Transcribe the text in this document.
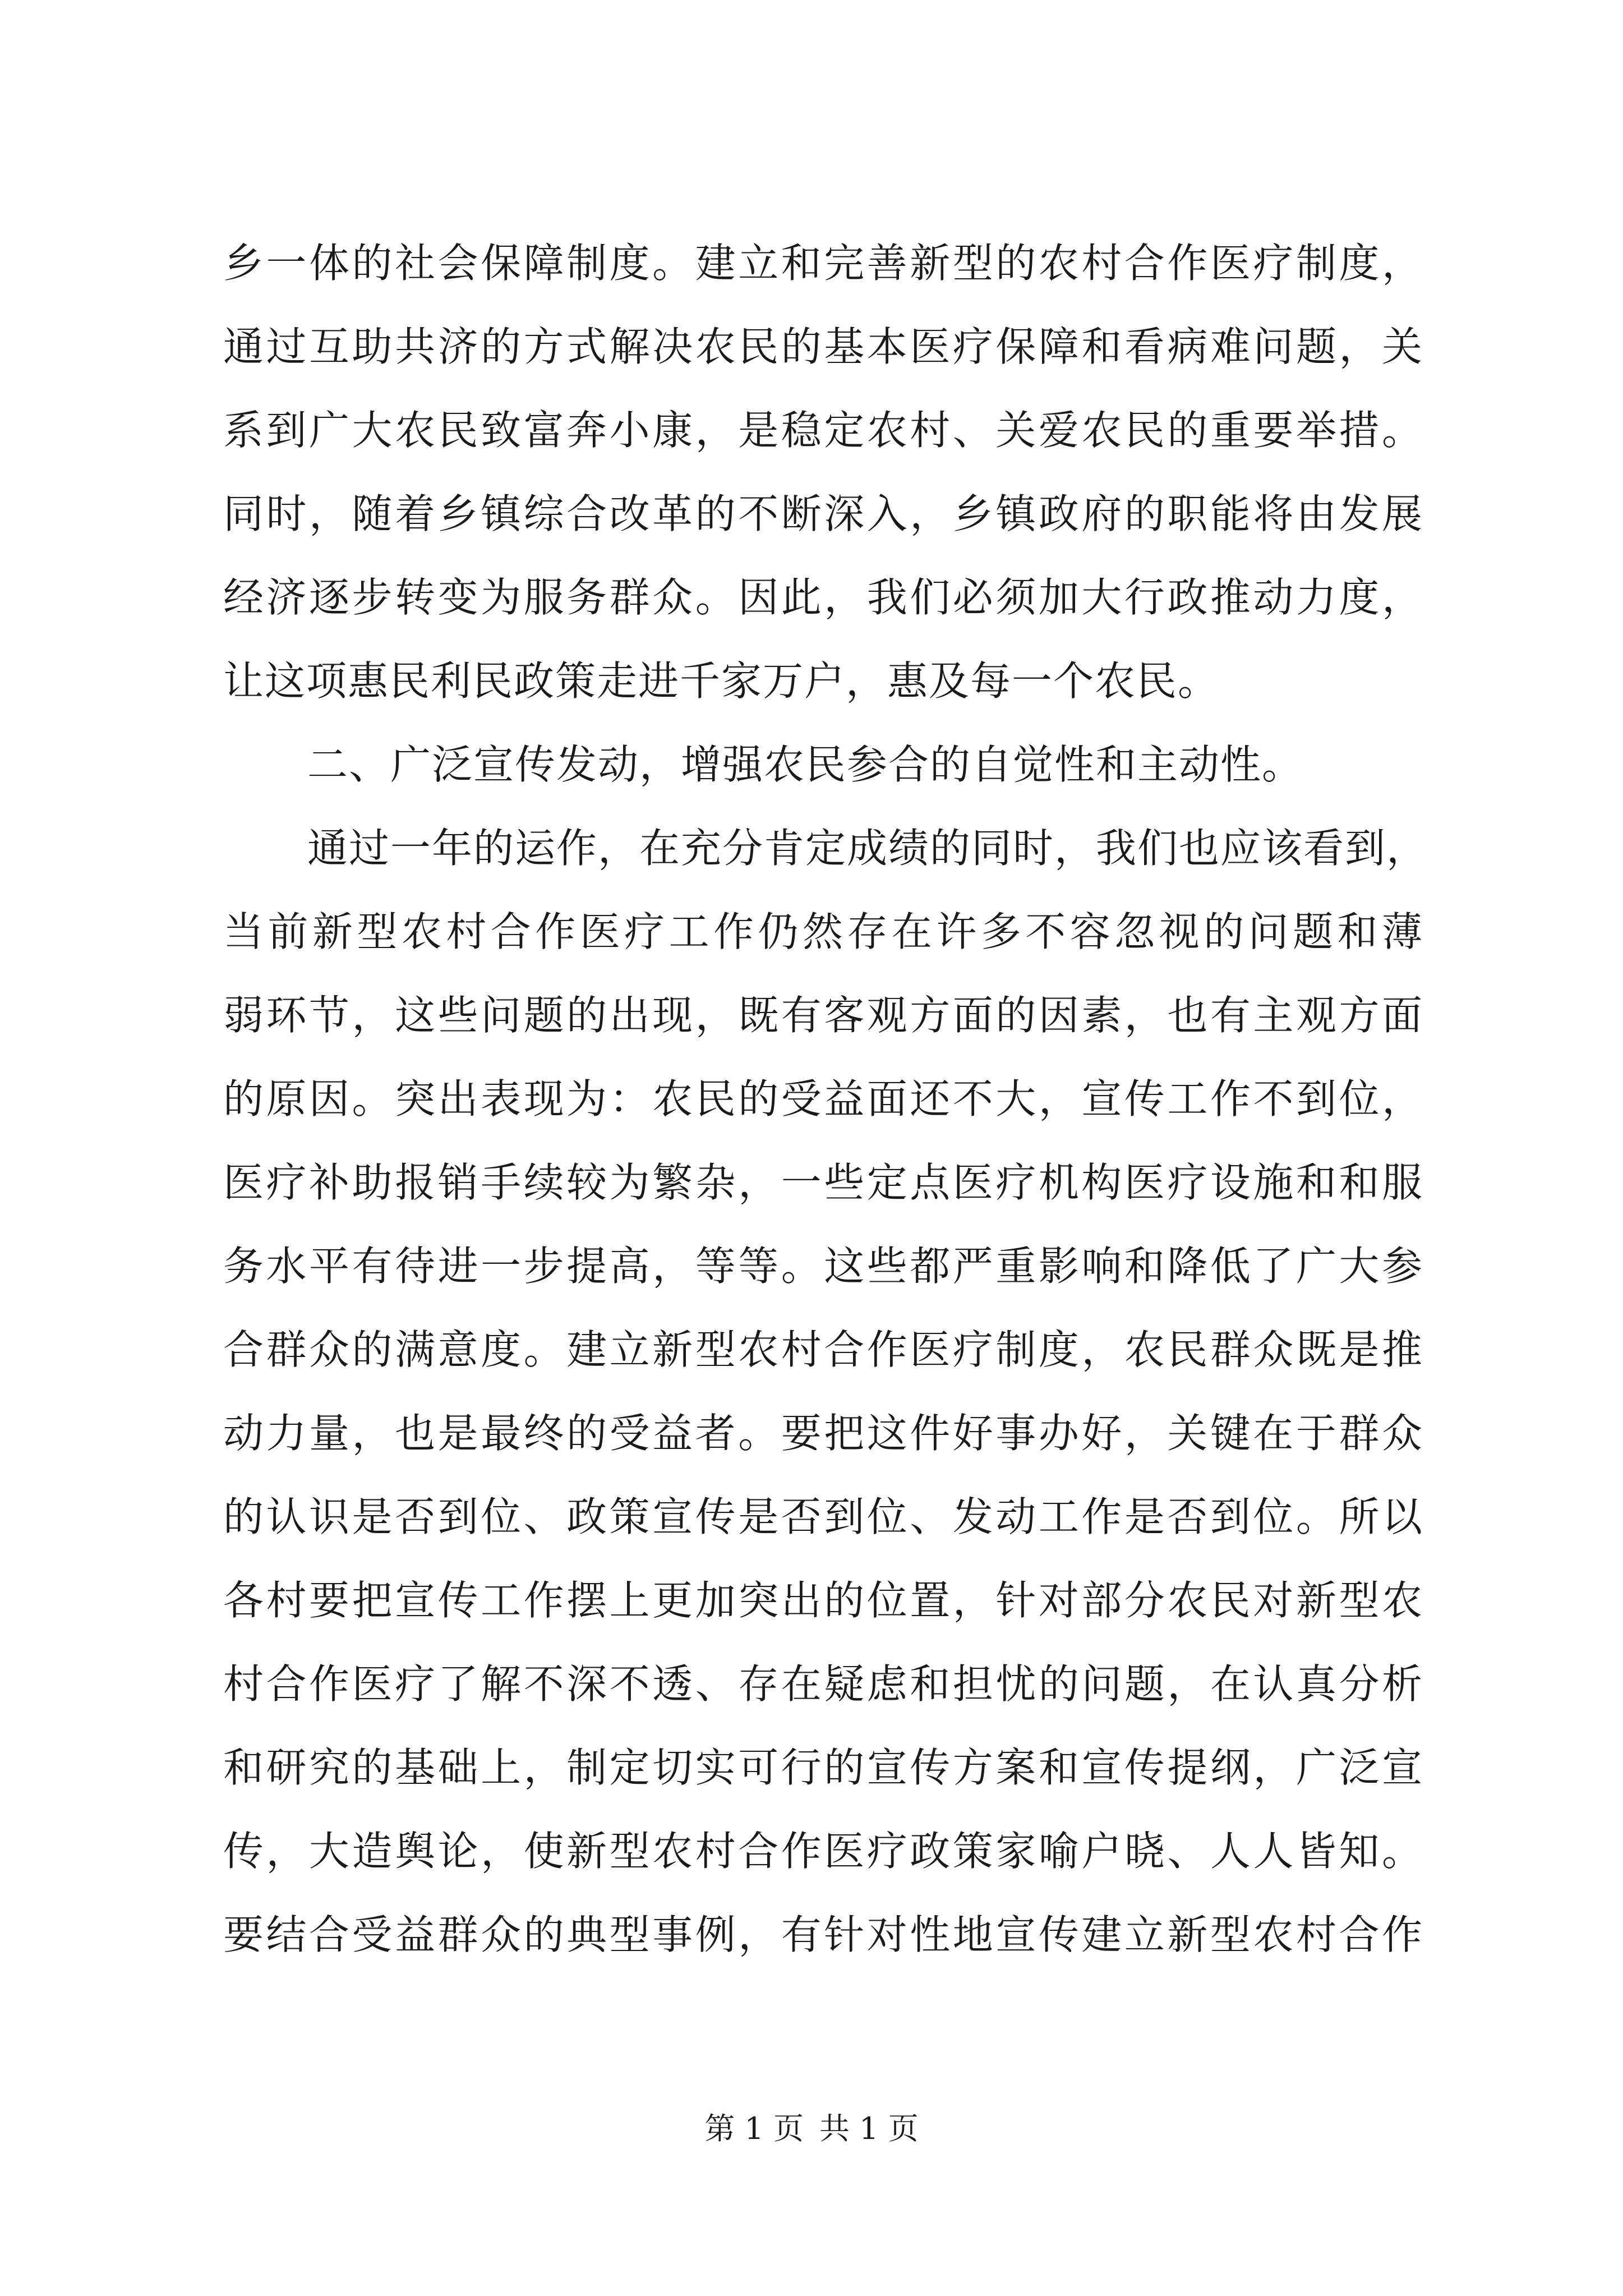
乡一体的社会保障制度。建立和完善新型的农村合作医疗制度，
通过互助共济的方式解决农民的基本医疗保障和看病难问题，关
系到广大农民致富奔小康，是稳定农村、关爱农民的重要举措。
同时，随着乡镇综合改革的不断深入，乡镇政府的职能将由发展
经济逐步转变为服务群众。因此，我们必须加大行政推动力度，
让这项惠民利民政策走进千家万户，惠及每一个农民。
二、广泛宣传发动，增强农民参合的自觉性和主动性。
通过一年的运作，在充分肯定成绩的同时，我们也应该看到，
当前新型农村合作医疗工作仍然存在许多不容忽视的问题和薄
弱环节，这些问题的出现，既有客观方面的因素，也有主观方面
的原因。突出表现为：农民的受益面还不大，宣传工作不到位，
医疗补助报销手续较为繁杂，一些定点医疗机构医疗设施和和服
务水平有待进一步提高，等等。这些都严重影响和降低了广大参
合群众的满意度。建立新型农村合作医疗制度，农民群众既是推
动力量，也是最终的受益者。要把这件好事办好，关键在于群众
的认识是否到位、政策宣传是否到位、发动工作是否到位。所以
各村要把宣传工作摆上更加突出的位置，针对部分农民对新型农
村合作医疗了解不深不透、存在疑虑和担忧的问题，在认真分析
和研究的基础上，制定切实可行的宣传方案和宣传提纲，广泛宣
传，大造舆论，使新型农村合作医疗政策家喻户晓、人人皆知。
要结合受益群众的典型事例，有针对性地宣传建立新型农村合作
第 1 页 共 1 页
